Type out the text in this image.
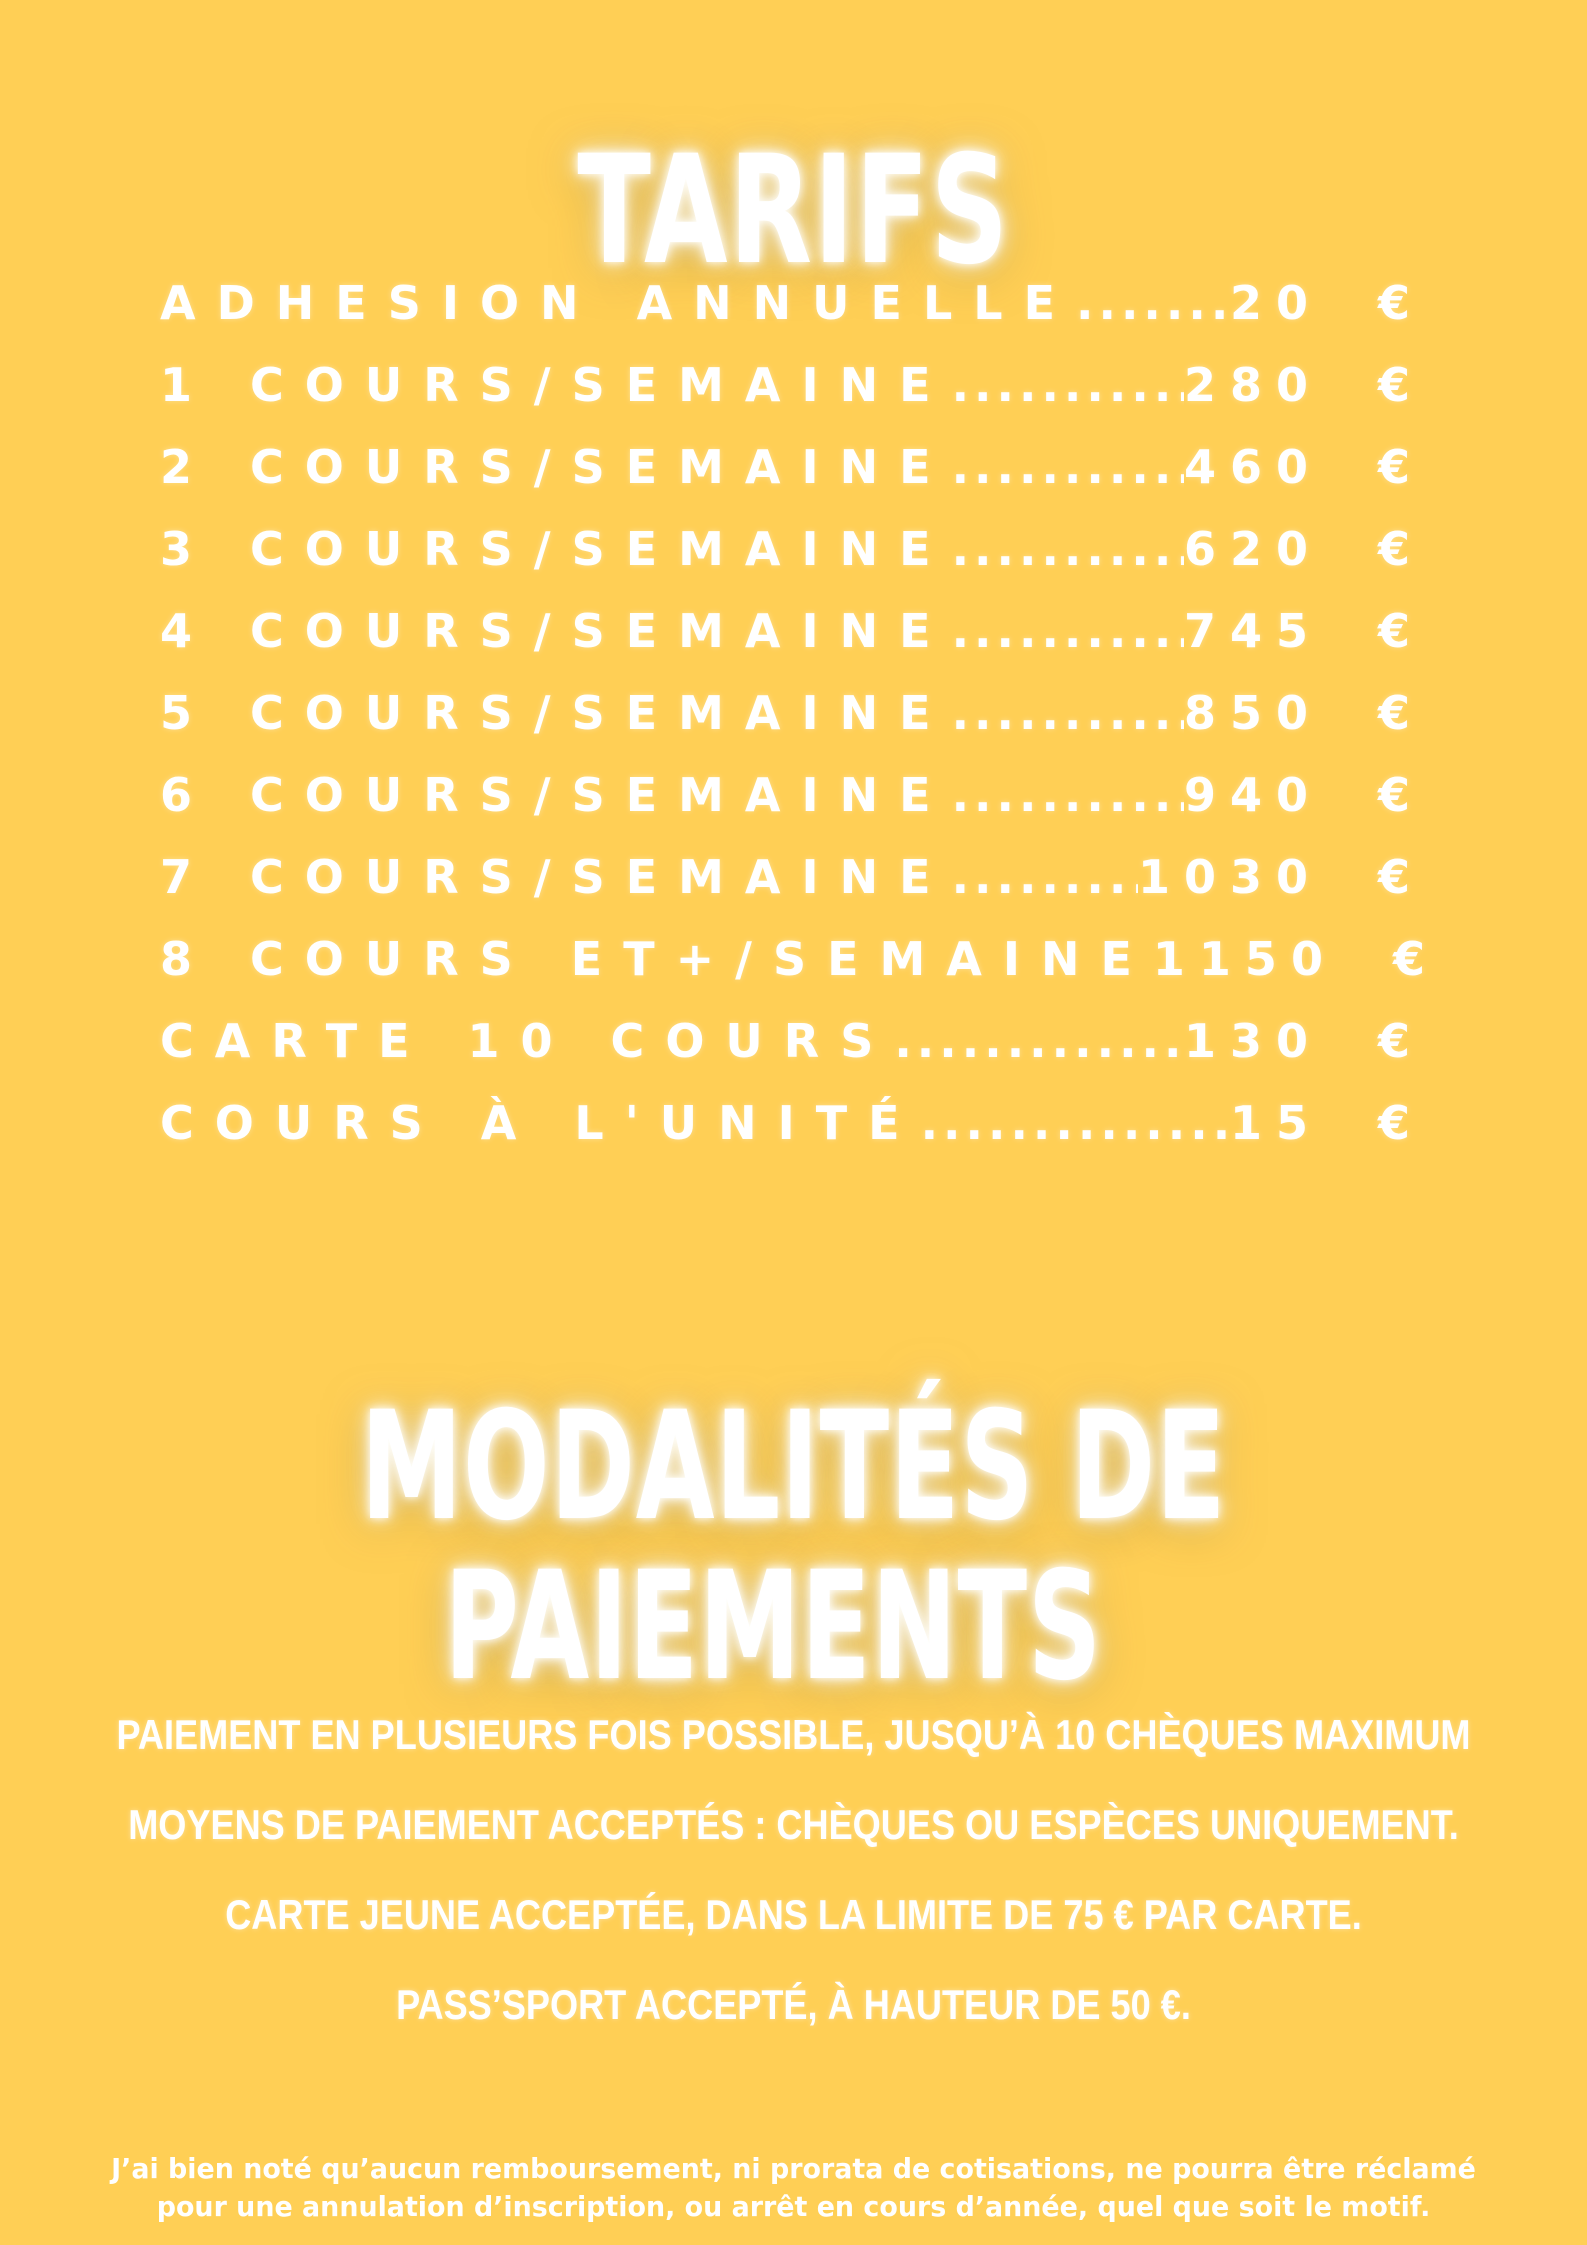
TARIFS
ADHESION ANNUELLE .....	20	€
1 COURS/SEMAINE .....	280	€
2 COURS/SEMAINE .....	460	€
3 COURS/SEMAINE .....	620	€
4 COURS/SEMAINE .....	745	€
5 COURS/SEMAINE .....	850	€
6 COURS/SEMAINE .....	940	€
7 COURS/SEMAINE .....	1030	€
8 COURS ET+/SEMAINE 1150	€
CARTE 10 COURS .....	130	€
COURS À L'UNITÉ .....	15	€
MODALITÉS DE
PAIEMENTS
PAIEMENT EN PLUSIEURS FOIS POSSIBLE, JUSQU’À 10 CHÈQUES MAXIMUM
MOYENS DE PAIEMENT ACCEPTÉS : CHÈQUES OU ESPÈCES UNIQUEMENT.
CARTE JEUNE ACCEPTÉE, DANS LA LIMITE DE 75 € PAR CARTE.
PASS’SPORT ACCEPTÉ, À HAUTEUR DE 50 €.

J’ai bien noté qu’aucun remboursement, ni prorata de cotisations, ne pourra être réclamé
pour une annulation d’inscription, ou arrêt en cours d’année, quel que soit le motif.
